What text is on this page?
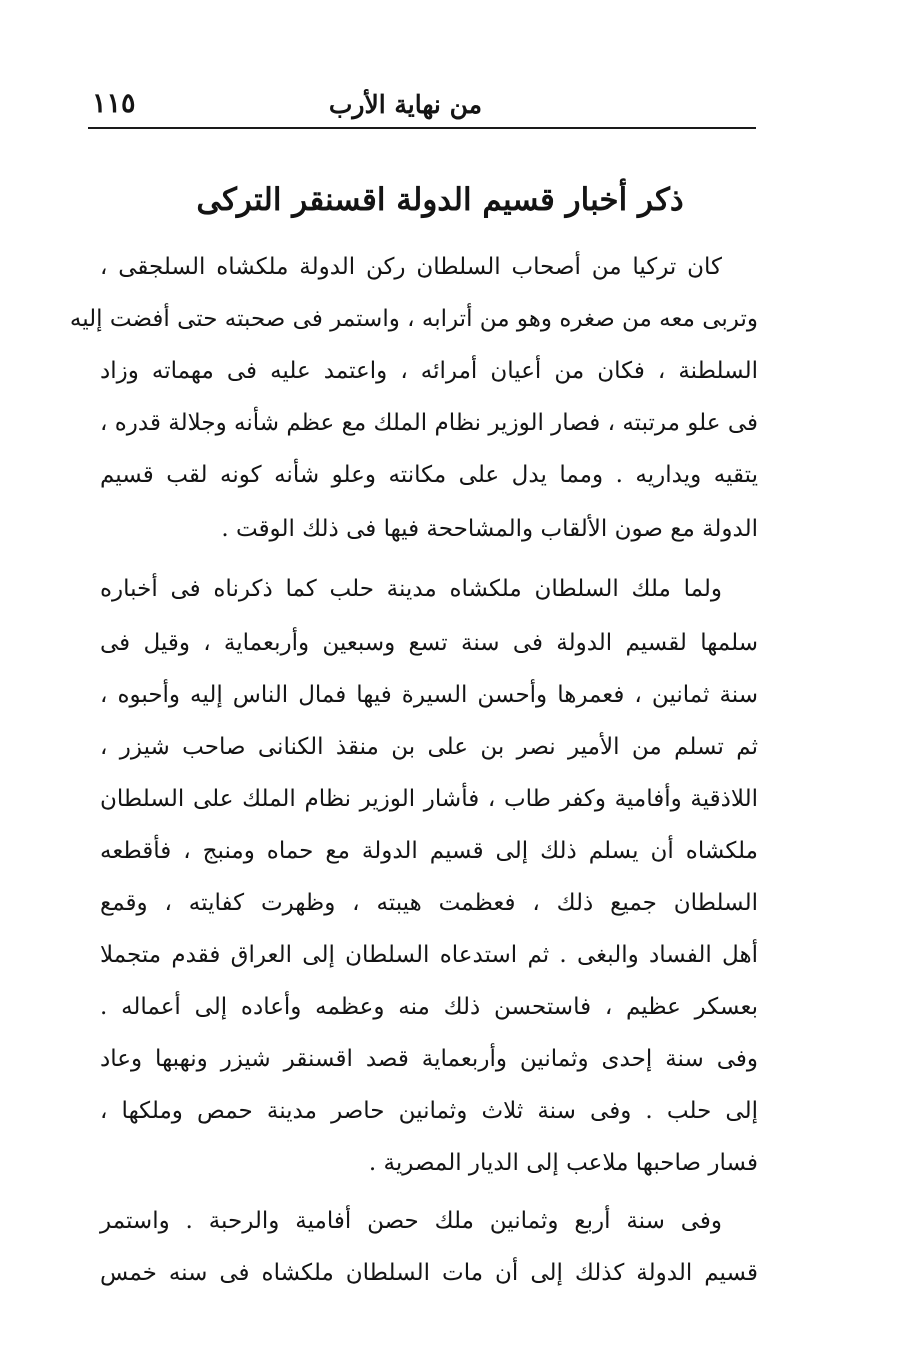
من نهاية الأرب
١١٥
ذكر أخبار قسيم الدولة اقسنقر التركى
كان تركيا من أصحاب السلطان ركن الدولة ملكشاه السلجقى ،
وتربى معه من صغره وهو من أترابه ، واستمر فى صحبته حتى أفضت إليه
السلطنة ، فكان من أعيان أمرائه ، واعتمد عليه فى مهماته وزاد
فى علو مرتبته ، فصار الوزير نظام الملك مع عظم شأنه وجلالة قدره ،
يتقيه ويداريه . ومما يدل على مكانته وعلو شأنه كونه لقب قسيم
الدولة مع صون الألقاب والمشاححة فيها فى ذلك الوقت .
ولما ملك السلطان ملكشاه مدينة حلب كما ذكرناه فى أخباره
سلمها لقسيم الدولة فى سنة تسع وسبعين وأربعماية ، وقيل فى
سنة ثمانين ، فعمرها وأحسن السيرة فيها فمال الناس إليه وأحبوه ،
ثم تسلم من الأمير نصر بن على بن منقذ الكنانى صاحب شيزر ،
اللاذقية وأفامية وكفر طاب ، فأشار الوزير نظام الملك على السلطان
ملكشاه أن يسلم ذلك إلى قسيم الدولة مع حماه ومنبج ، فأقطعه
السلطان جميع ذلك ، فعظمت هيبته ، وظهرت كفايته ، وقمع
أهل الفساد والبغى . ثم استدعاه السلطان إلى العراق فقدم متجملا
بعسكر عظيم ، فاستحسن ذلك منه وعظمه وأعاده إلى أعماله .
وفى سنة إحدى وثمانين وأربعماية قصد اقسنقر شيزر ونهبها وعاد
إلى حلب . وفى سنة ثلاث وثمانين حاصر مدينة حمص وملكها ،
فسار صاحبها ملاعب إلى الديار المصرية .
وفى سنة أربع وثمانين ملك حصن أفامية والرحبة . واستمر
قسيم الدولة كذلك إلى أن مات السلطان ملكشاه فى سنه خمس
